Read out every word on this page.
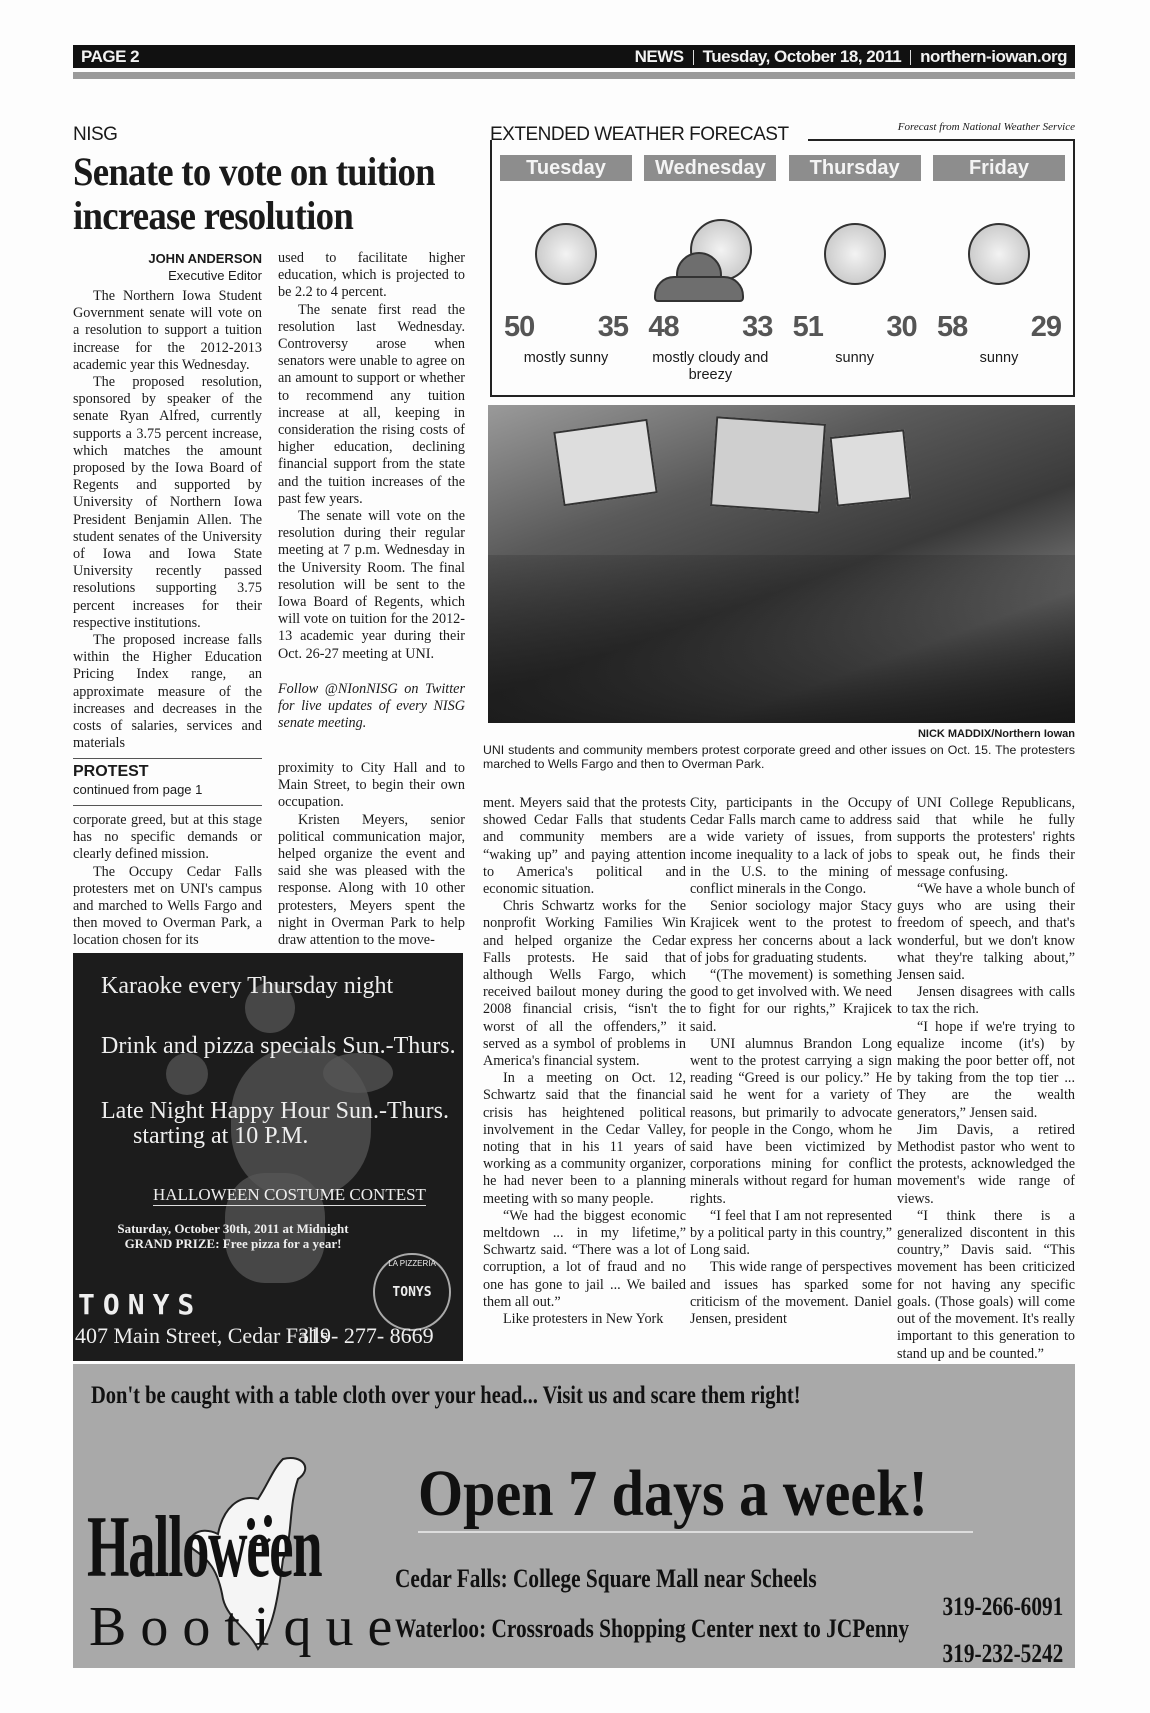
PAGE 2	NEWS Tuesday, October 18, 2011 northern-iowan.org
NISG
Senate to vote on tuition increase resolution
JOHN ANDERSON
Executive Editor

The Northern Iowa Student Government senate will vote on a resolution to support a tuition increase for the 2012-2013 academic year this Wednesday.

The proposed resolution, sponsored by speaker of the senate Ryan Alfred, currently supports a 3.75 percent increase, which matches the amount proposed by the Iowa Board of Regents and supported by University of Northern Iowa President Benjamin Allen. The student senates of the University of Iowa and Iowa State University recently passed resolutions supporting 3.75 percent increases for their respective institutions.

The proposed increase falls within the Higher Education Pricing Index range, an approximate measure of the increases and decreases in the costs of salaries, services and materials

used to facilitate higher education, which is projected to be 2.2 to 4 percent.

The senate first read the resolution last Wednesday. Controversy arose when senators were unable to agree on an amount to support or whether to recommend any tuition increase at all, keeping in consideration the rising costs of higher education, declining financial support from the state and the tuition increases of the past few years.

The senate will vote on the resolution during their regular meeting at 7 p.m. Wednesday in the University Room. The final resolution will be sent to the Iowa Board of Regents, which will vote on tuition for the 2012-13 academic year during their Oct. 26-27 meeting at UNI.

Follow @NIonNISG on Twitter for live updates of every NISG senate meeting.

EXTENDED WEATHER FORECAST	Forecast from National Weather Service
Tuesday
50 35
mostly sunny
Wednesday
48 33
mostly cloudy and breezy
Thursday
51 30
sunny
Friday
58 29
sunny
NICK MADDIX/Northern Iowan
UNI students and community members protest corporate greed and other issues on Oct. 15. The protesters marched to Wells Fargo and then to Overman Park.
PROTEST
continued from page 1

corporate greed, but at this stage has no specific demands or clearly defined mission.

The Occupy Cedar Falls protesters met on UNI's campus and marched to Wells Fargo and then moved to Overman Park, a location chosen for its

proximity to City Hall and to Main Street, to begin their own occupation.

Kristen Meyers, senior political communication major, helped organize the event and said she was pleased with the response. Along with 10 other protesters, Meyers spent the night in Overman Park to help draw attention to the move-

ment. Meyers said that the protests showed Cedar Falls that students and community members are “waking up” and paying attention to America's political and economic situation.

Chris Schwartz works for the nonprofit Working Families Win and helped organize the Cedar Falls protests. He said that although Wells Fargo, which received bailout money during the 2008 financial crisis, “isn't the worst of all the offenders,” it served as a symbol of problems in America's financial system.

In a meeting on Oct. 12, Schwartz said that the financial crisis has heightened political involvement in the Cedar Valley, noting that in his 11 years of working as a community organizer, he had never been to a planning meeting with so many people.

“We had the biggest economic meltdown ... in my lifetime,” Schwartz said. “There was a lot of corruption, a lot of fraud and no one has gone to jail ... We bailed them all out.”

Like protesters in New York

City, participants in the Occupy Cedar Falls march came to address a wide variety of issues, from income inequality to a lack of jobs in the U.S. to the mining of conflict minerals in the Congo.

Senior sociology major Stacy Krajicek went to the protest to express her concerns about a lack of jobs for graduating students.

“(The movement) is something good to get involved with. We need to fight for our rights,” Krajicek said.

UNI alumnus Brandon Long went to the protest carrying a sign reading “Greed is our policy.” He said he went for a variety of reasons, but primarily to advocate for people in the Congo, whom he said have been victimized by corporations mining for conflict minerals without regard for human rights.

“I feel that I am not represented by a political party in this country,” Long said.

This wide range of perspectives and issues has sparked some criticism of the movement. Daniel Jensen, president

of UNI College Republicans, said that while he fully supports the protesters' rights to speak out, he finds their message confusing.

“We have a whole bunch of guys who are using their freedom of speech, and that's wonderful, but we don't know what they're talking about,” Jensen said.

Jensen disagrees with calls to tax the rich.

“I hope if we're trying to equalize income (it's) by making the poor better off, not by taking from the top tier ... They are the wealth generators,” Jensen said.

Jim Davis, a retired Methodist pastor who went to the protests, acknowledged the movement's wide range of views.

“I think there is a generalized discontent in this country,” Davis said. “This movement has been criticized for not having any specific goals. (Those goals) will come out of the movement. It's really important to this generation to stand up and be counted.”

Karaoke every Thursday night
Drink and pizza specials Sun.-Thurs.
Late Night Happy Hour Sun.-Thurs.
starting at 10 P.M.
HALLOWEEN COSTUME CONTEST
Saturday, October 30th, 2011 at Midnight
GRAND PRIZE: Free pizza for a year!
TONYS
LA PIZZERIA
TONYS
407 Main Street, Cedar Falls
319- 277- 8669
Don't be caught with a table cloth over your head... Visit us and scare them right!
Halloween
Bootique
Open 7 days a week!
Cedar Falls: College Square Mall near Scheels
319-266-6091
Waterloo: Crossroads Shopping Center next to JCPenny
319-232-5242
